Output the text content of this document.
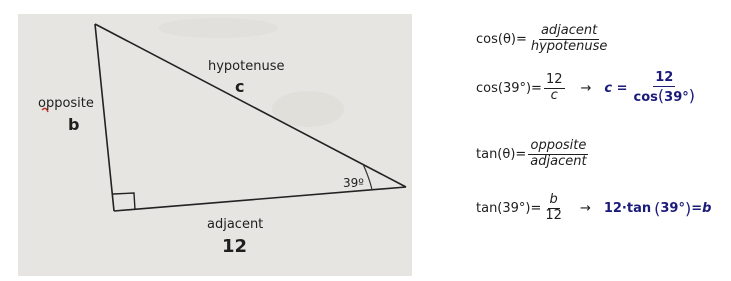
hypotenuse
c
opposite
b
adjacent
12
39º
$\cos(\theta)= \frac{\text{adjacent}}{\text{hypotenuse}}$
$\cos(39^\circ)= \frac{12}{c} \to c = \frac{12}{\cos(39^\circ)}$
$\tan(\theta)= \frac{\text{opposite}}{\text{adjacent}}$
$\tan(39^\circ)= \frac{b}{12} \to 12\cdot\tan$ ( 39° ) =b
